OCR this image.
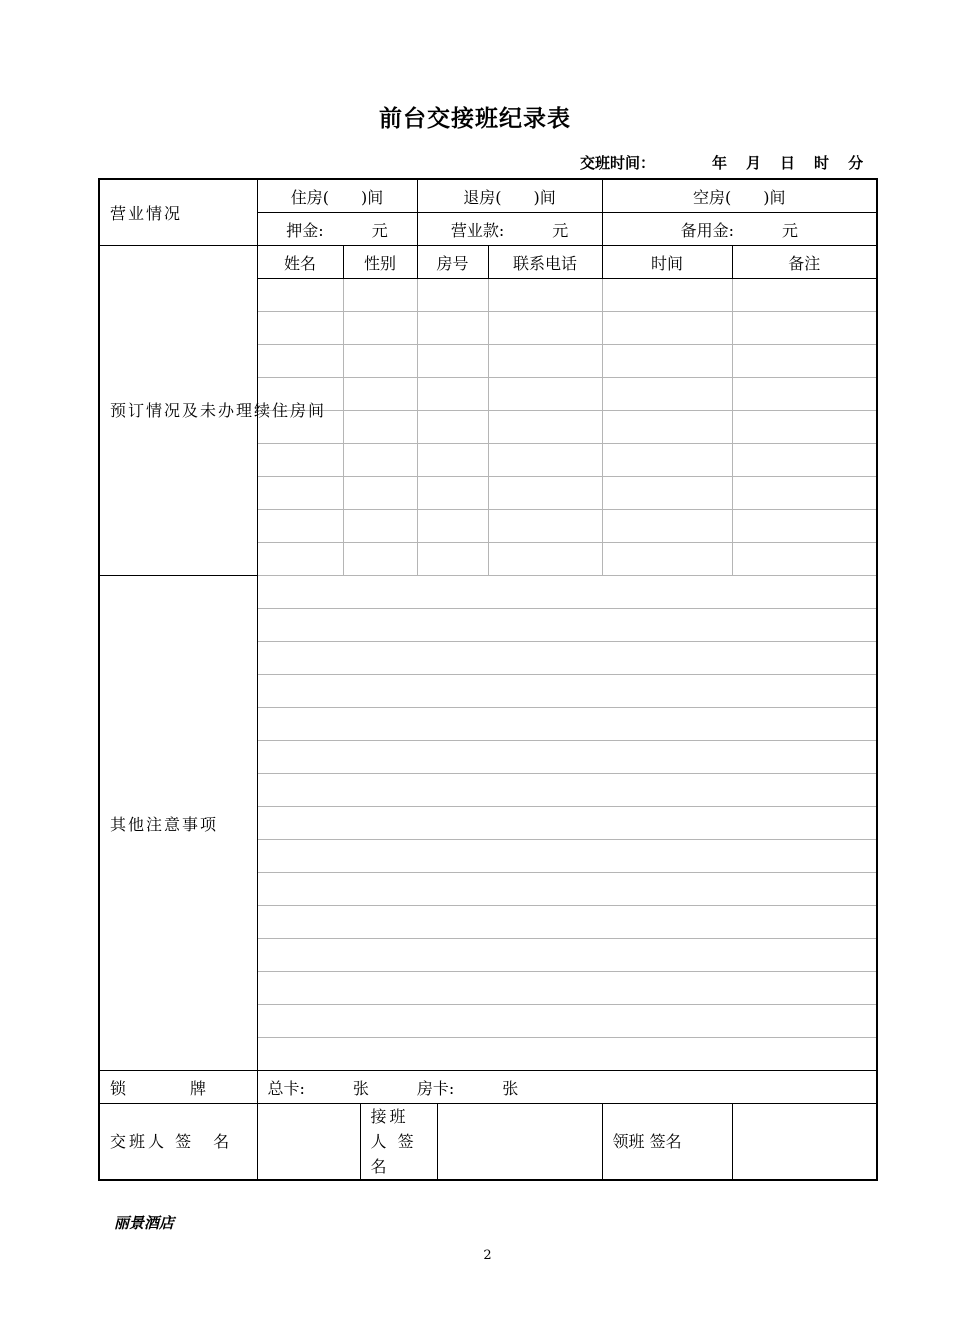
前台交接班纪录表
交班时间：	年 月 日 时 分
营业情况	住房(　　)间			退房(　　)间			空房(　　)间	
	押金:　　　元			营业款:　　　元			备用金:　　　元	
预订情况及未办理续住房间	姓名	性别		房号		联系电话	时间	备注

其他注意事项								

锁　　　　牌	总卡:　　　张　　　房卡:　　　张							
交班人 签　名			接班人 签　名				领班 签名	
丽景酒店
2
